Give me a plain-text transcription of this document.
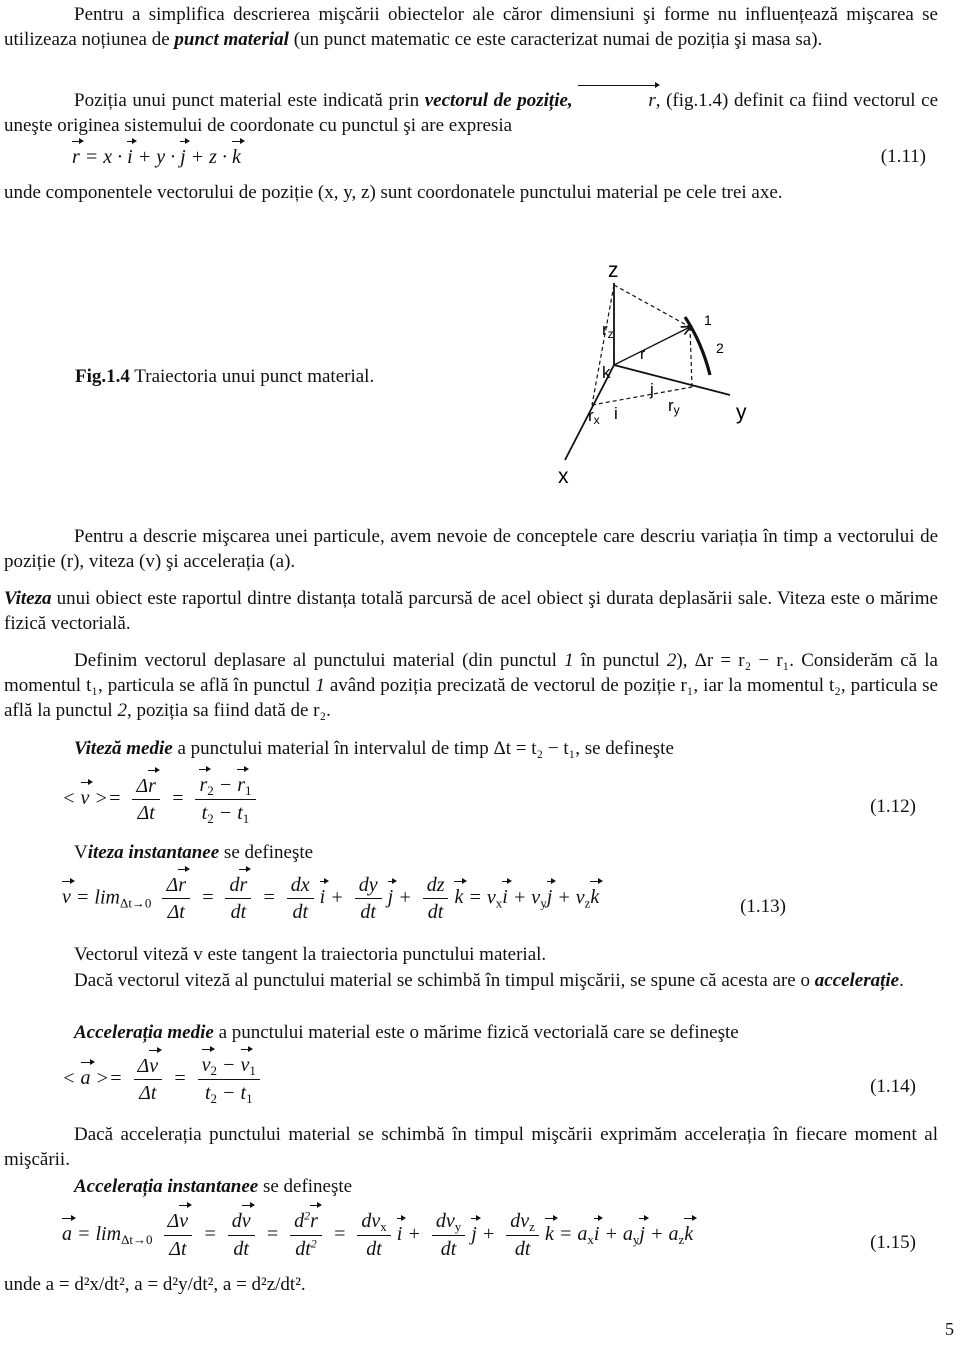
Pentru a simplifica descrierea mişcării obiectelor ale căror dimensiuni şi forme nu influențează mişcarea se utilizeaza noțiunea de punct material (un punct matematic ce este caracterizat numai de poziția şi masa sa).

Poziția unui punct material este indicată prin vectorul de poziție,	r, (fig.1.4) definit ca fiind vectorul ce uneşte originea sistemului de coordonate cu punctul şi are expresia

r = x · i + y · j + z · k	(1.11)

unde componentele vectorului de poziție (x, y, z) sunt coordonatele punctului material pe cele trei axe.

Fig.1.4 Traiectoria unui punct material.
z
y
x
rz
r
k
j
ry
rx i
1
2

Pentru a descrie mişcarea unei particule, avem nevoie de conceptele care descriu variația în timp a vectorului de poziție (r), viteza (v) şi accelerația (a).

Viteza unui obiect este raportul dintre distanța totală parcursă de acel obiect şi durata deplasării sale. Viteza este o mărime fizică vectorială.

Definim vectorul deplasare al punctului material (din punctul 1 în punctul 2), Δr = r₂ − r₁. Considerăm că la momentul t₁, particula se află în punctul 1 având poziția precizată de vectorul de poziție r₁, iar la momentul t₂, particula se află la punctul 2, poziția sa fiind dată de r₂.

Viteză medie a punctului material în intervalul de timp Δt = t₂ − t₁, se defineşte

< $v >= \frac{\Delta r}{\Delta t} = \frac{r_2 - r_1}{t_2 - t_1}$	(1.12)

Viteza instantanee se defineşte

$v = \lim_{\Delta t\to 0} \frac{\Delta r}{\Delta t} = \frac{dr}{dt} = \frac{dx}{dt}$ $i + \frac{dy}{dt}$ $j + \frac{dz}{dt}$ $k = v_xi + v_yj + v_zk$	(1.13)

Vectorul viteză v este tangent la traiectoria punctului material.

Dacă vectorul viteză al punctului material se schimbă în timpul mişcării, se spune că acesta are o accelerație.

Accelerația medie a punctului material este o mărime fizică vectorială care se defineşte

< $a >= \frac{\Delta v}{\Delta t} = \frac{v_2 - v_1}{t_2 - t_1}$	(1.14)

Dacă accelerația punctului material se schimbă în timpul mişcării exprimăm accelerația în fiecare moment al mişcării.

Accelerația instantanee se defineşte

$a = \lim_{\Delta t\to 0} \frac{\Delta v}{\Delta t} = \frac{dv}{dt} = \frac{d^2r}{dt^2} = \frac{dv_x}{dt}$ $i + \frac{dv_y}{dt}$ $j + \frac{dv_z}{dt}$ $k = a_xi + a_yj + a_zk$	(1.15)

unde a = d²x/dt², a = d²y/dt², a = d²z/dt².

5
